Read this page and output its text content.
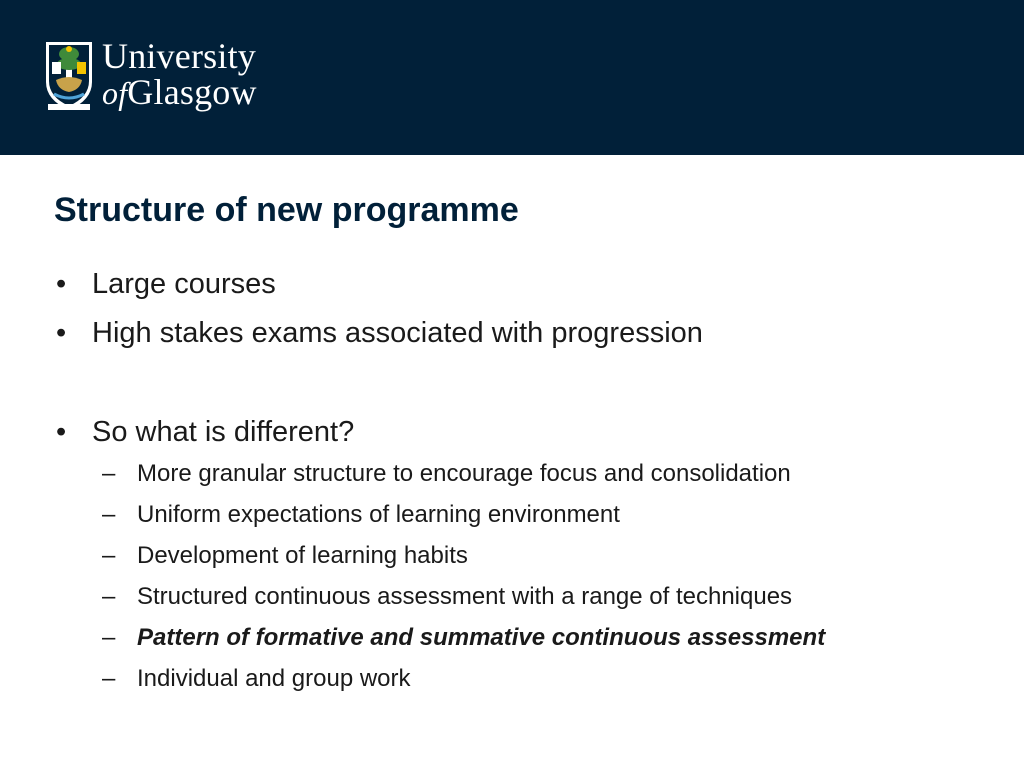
University
ofGlasgow
Structure of new programme
• Large courses
• High stakes exams associated with progression
• So what is different?
– More granular structure to encourage focus and consolidation
– Uniform expectations of learning environment
– Development of learning habits
– Structured continuous assessment with a range of techniques
– Pattern of formative and summative continuous assessment
– Individual and group work
